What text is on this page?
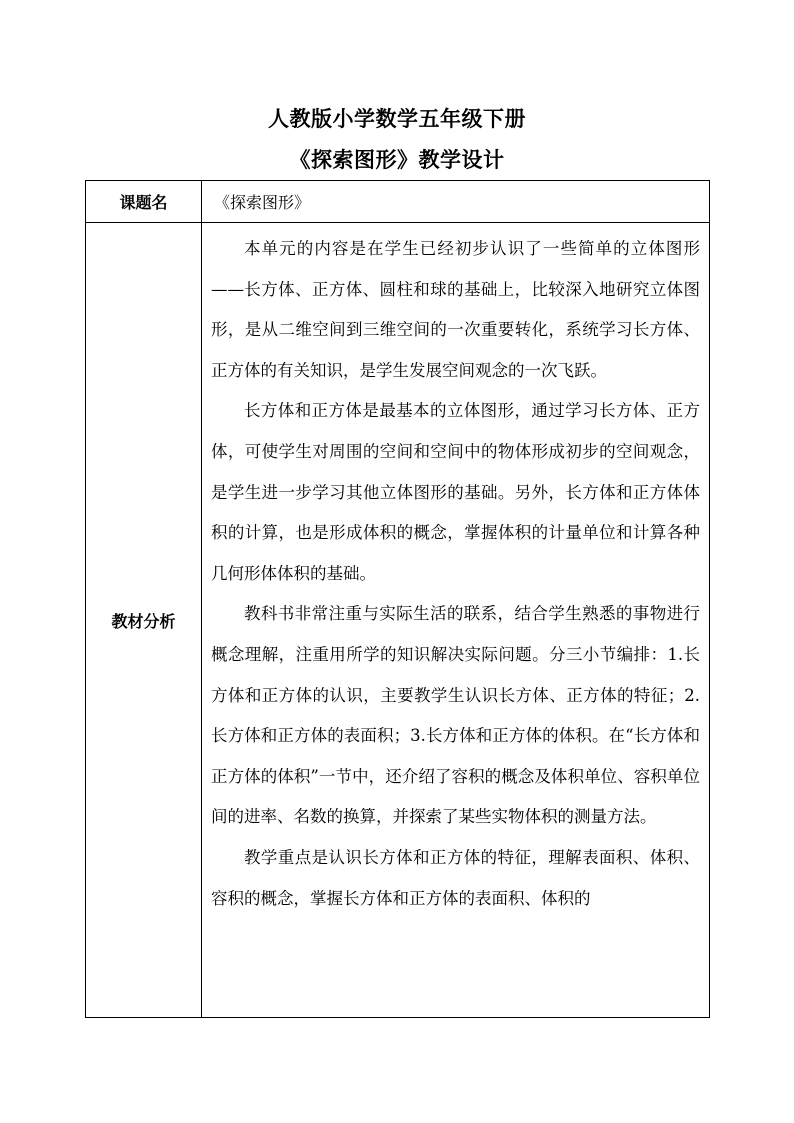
人教版小学数学五年级下册
《探索图形》教学设计
课题名	《探索图形》
教材分析	本单元的内容是在学生已经初步认识了一些简单的立体图形——长方体、正方体、圆柱和球的基础上，比较深入地研究立体图形，是从二维空间到三维空间的一次重要转化，系统学习长方体、正方体的有关知识，是学生发展空间观念的一次飞跃。

长方体和正方体是最基本的立体图形，通过学习长方体、正方体，可使学生对周围的空间和空间中的物体形成初步的空间观念，是学生进一步学习其他立体图形的基础。另外，长方体和正方体体积的计算，也是形成体积的概念，掌握体积的计量单位和计算各种几何形体体积的基础。

教科书非常注重与实际生活的联系，结合学生熟悉的事物进行概念理解，注重用所学的知识解决实际问题。分三小节编排：1.长方体和正方体的认识，主要教学生认识长方体、正方体的特征；2.长方体和正方体的表面积；3.长方体和正方体的体积。在“长方体和正方体的体积”一节中，还介绍了容积的概念及体积单位、容积单位间的进率、名数的换算，并探索了某些实物体积的测量方法。

教学重点是认识长方体和正方体的特征，理解表面积、体积、容积的概念，掌握长方体和正方体的表面积、体积的
